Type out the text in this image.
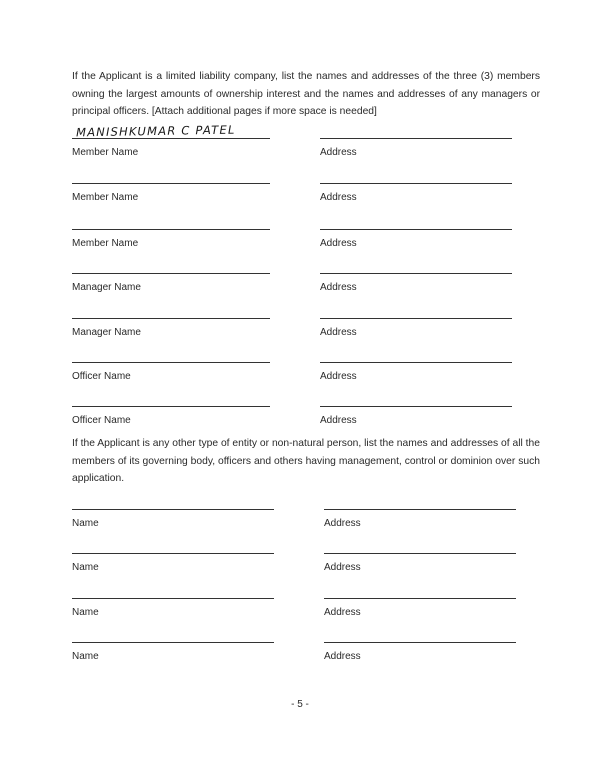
If the Applicant is a limited liability company, list the names and addresses of the three (3) members owning the largest amounts of ownership interest and the names and addresses of any managers or principal officers. [Attach additional pages if more space is needed]

MANISHKUMAR C PATEL
Member Name	Address
Member Name	Address
Member Name	Address
Manager Name	Address
Manager Name	Address
Officer Name	Address
Officer Name	Address

If the Applicant is any other type of entity or non-natural person, list the names and addresses of all the members of its governing body, officers and others having management, control or dominion over such application.

Name	Address
Name	Address
Name	Address
Name	Address
- 5 -
